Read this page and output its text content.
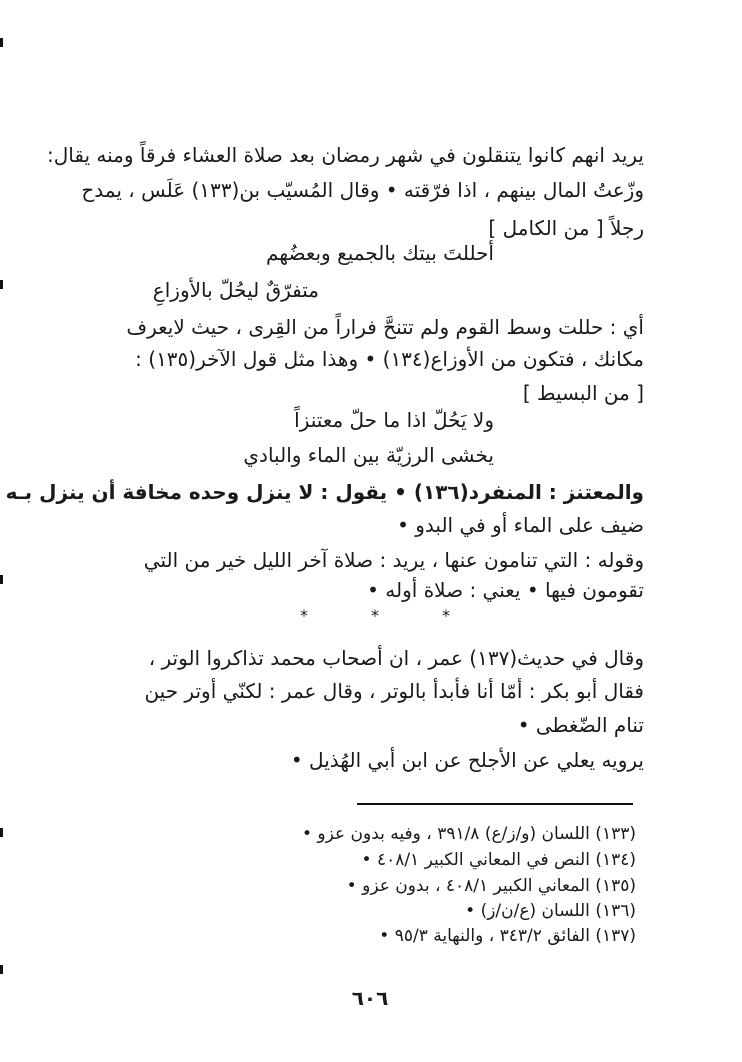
يريد انهم كانوا يتنقلون في شهر رمضان بعد صلاة العشاء فرقاً ومنه يقال:
وزّعتُ المال بينهم ، اذا فرّقته • وقال المُسيّب بن(١٣٣) عَلَس ، يمدح
رجلاً [ من الكامل ]
أحللتَ بيتك بالجميع وبعضُهم
متفرّقٌ ليحُلّ بالأوزاعِ
أي : حللت وسط القوم ولم تتنحَّ فراراً من القِرى ، حيث لايعرف
مكانك ، فتكون من الأوزاع(١٣٤) • وهذا مثل قول الآخر(١٣٥) :
[ من البسيط ]
ولا يَحُلّ اذا ما حلّ معتنزاً
يخشى الرزيّة بين الماء والبادي
والمعتنز : المنفرد(١٣٦) • يقول : لا ينزل وحده مخافة أن ينزل بـه
ضيف على الماء أو في البدو •
وقوله : التي تنامون عنها ، يريد : صلاة آخر الليل خير من التي
تقومون فيها • يعني : صلاة أوله •
*	*	*
وقال في حديث(١٣٧) عمر ، ان أصحاب محمد تذاكروا الوتر ،
فقال أبو بكر : أمّا أنا فأبدأ بالوتر ، وقال عمر : لكنّي أوتر حين
تنام الضّغطى •
يرويه يعلي عن الأجلح عن ابن أبي الهُذيل •
(١٣٣) اللسان (و/ز/ع) ٣٩١/٨ ، وفيه بدون عزو •
(١٣٤) النص في المعاني الكبير ٤٠٨/١ •
(١٣٥) المعاني الكبير ٤٠٨/١ ، بدون عزو •
(١٣٦) اللسان (ع/ن/ز) •
(١٣٧) الفائق ٣٤٣/٢ ، والنهاية ٩٥/٣ •
٦٠٦
